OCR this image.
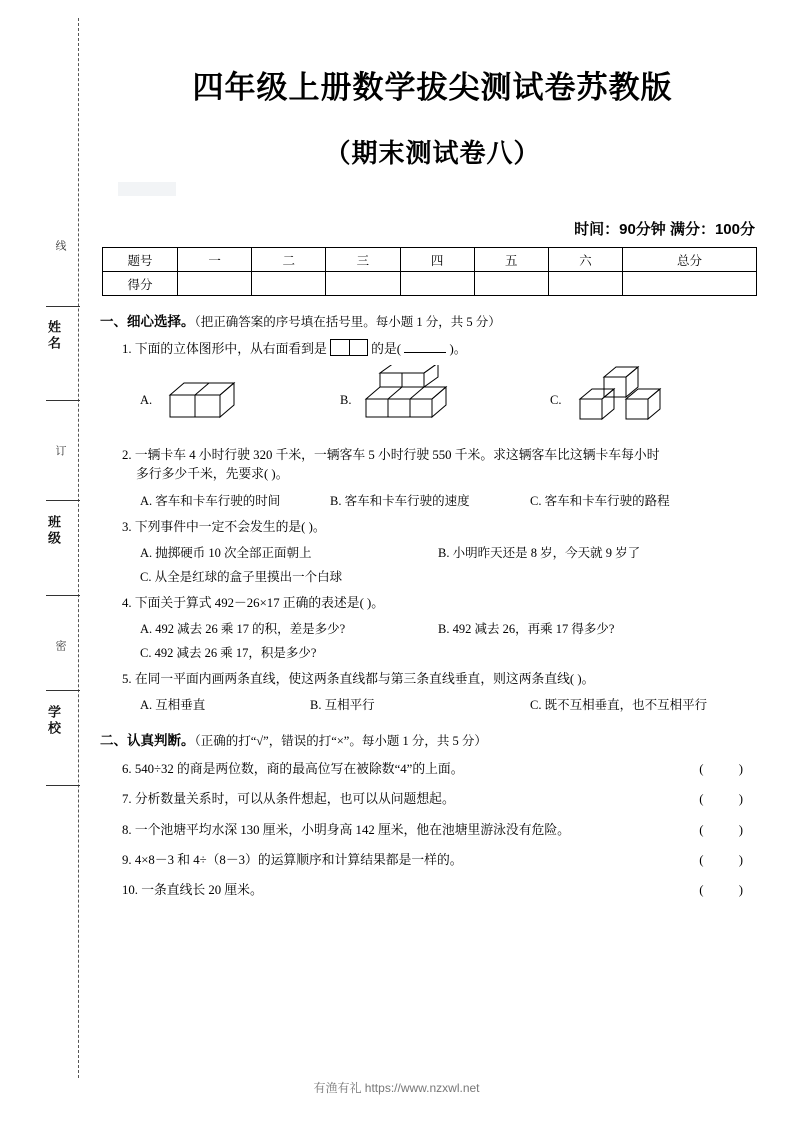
线
姓名
订
班级
密
学校
四年级上册数学拔尖测试卷苏教版
（期末测试卷八）
时间：90分钟 满分：100分
题号	一	二	三	四	五	六	总分
得分							
一、细心选择。（把正确答案的序号填在括号里。每小题 1 分，共 5 分）
1. 下面的立体图形中，从右面看到是	的是(	)。
A.	B.	C.
2. 一辆卡车 4 小时行驶 320 千米，一辆客车 5 小时行驶 550 千米。求这辆客车比这辆卡车每小时
多行多少千米，先要求( )。
A. 客车和卡车行驶的时间	B. 客车和卡车行驶的速度	C. 客车和卡车行驶的路程
3. 下列事件中一定不会发生的是( )。
A. 抛掷硬币 10 次全部正面朝上	B. 小明昨天还是 8 岁，今天就 9 岁了
C. 从全是红球的盒子里摸出一个白球
4. 下面关于算式 492－26×17 正确的表述是( )。
A. 492 减去 26 乘 17 的积，差是多少?	B. 492 减去 26，再乘 17 得多少?
C. 492 减去 26 乘 17，积是多少?
5. 在同一平面内画两条直线，使这两条直线都与第三条直线垂直，则这两条直线( )。
A. 互相垂直	B. 互相平行	C. 既不互相垂直，也不互相平行
二、认真判断。（正确的打“√”，错误的打“×”。每小题 1 分，共 5 分）
6. 540÷32 的商是两位数，商的最高位写在被除数“4”的上面。	( )
7. 分析数量关系时，可以从条件想起，也可以从问题想起。	( )
8. 一个池塘平均水深 130 厘米，小明身高 142 厘米，他在池塘里游泳没有危险。	( )
9. 4×8－3 和 4÷（8－3）的运算顺序和计算结果都是一样的。	( )
10. 一条直线长 20 厘米。	( )
有渔有礼 https://www.nzxwl.net
